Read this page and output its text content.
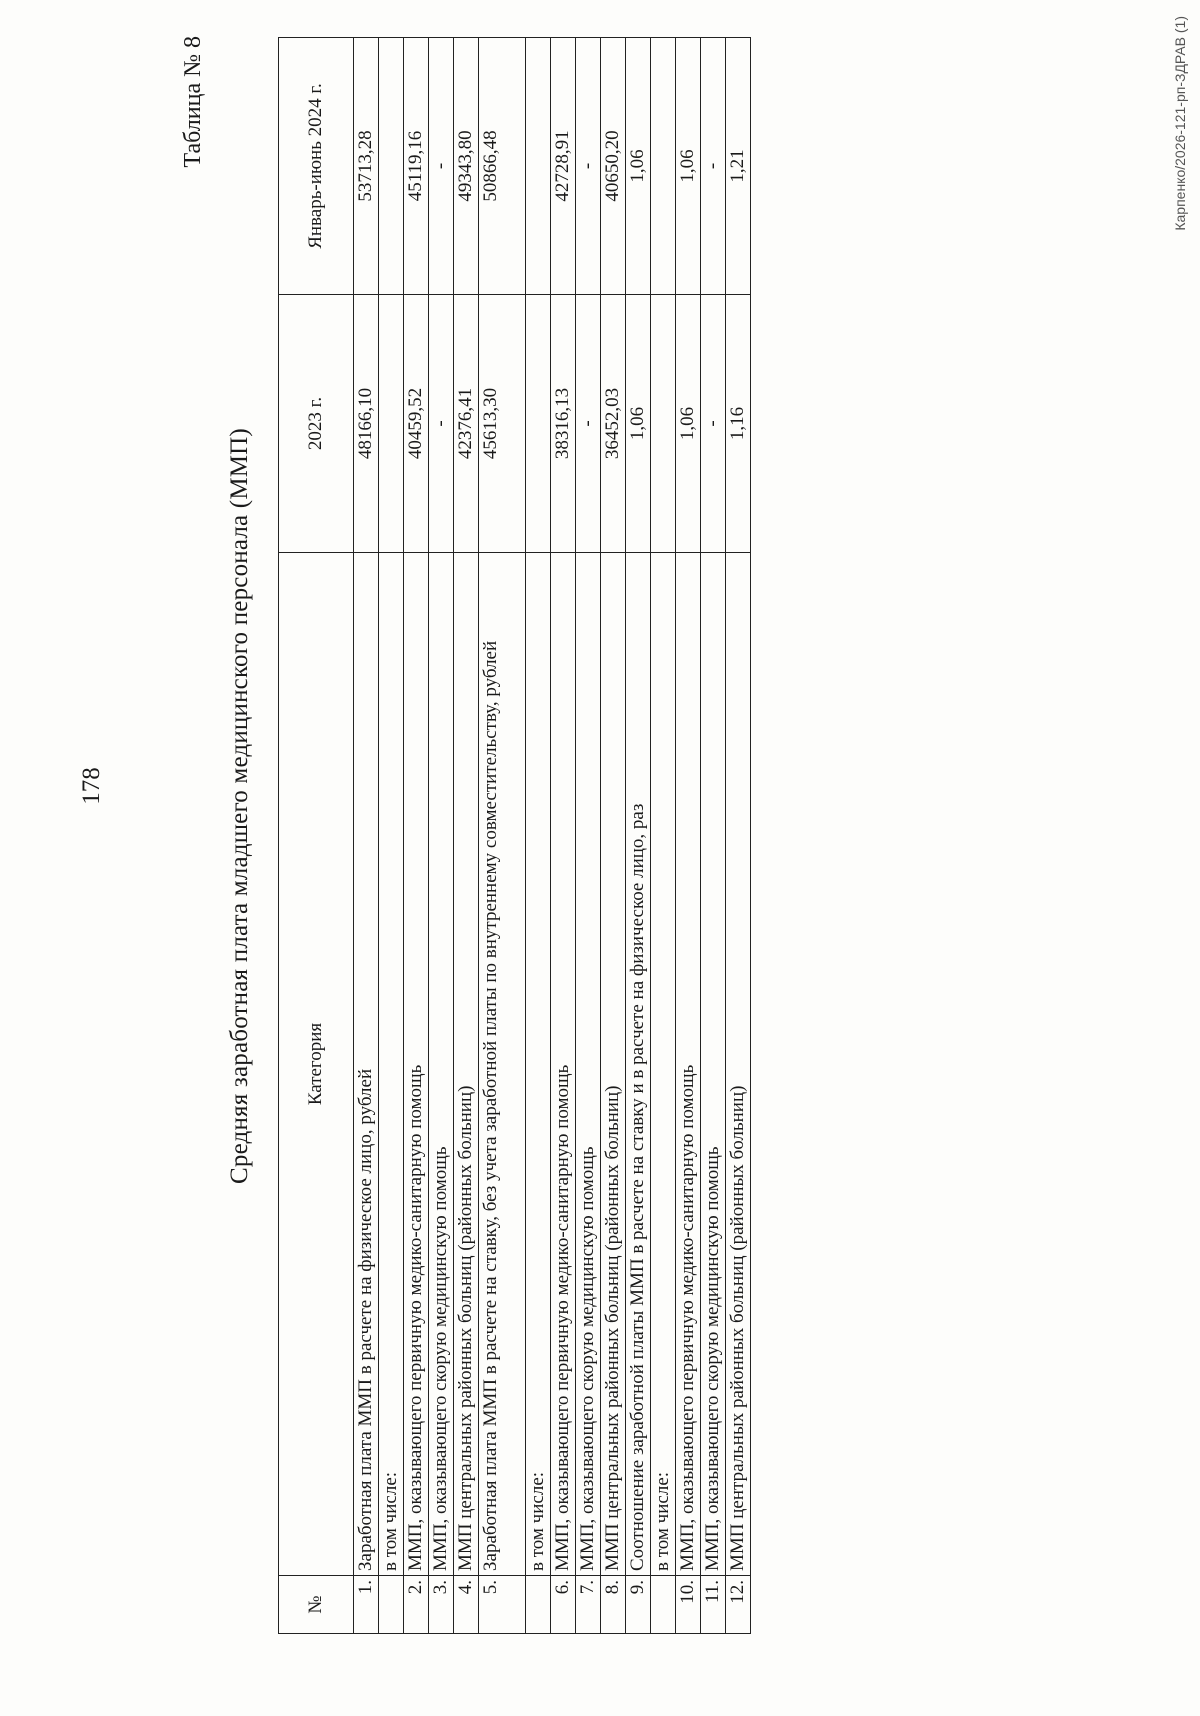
178
Таблица № 8
Средняя заработная плата младшего медицинского персонала (ММП)
№	Категория	2023 г.	Январь-июнь 2024 г.
1.	Заработная плата ММП в расчете на физическое лицо, рублей	48166,10	53713,28
	в том числе:		
2.	ММП, оказывающего первичную медико-санитарную помощь	40459,52	45119,16
3.	ММП, оказывающего скорую медицинскую помощь	-	-
4.	ММП центральных районных больниц (районных больниц)	42376,41	49343,80
5.	Заработная плата ММП в расчете на ставку, без учета заработной платы по внутреннему совместительству, рублей	45613,30	50866,48
	в том числе:		
6.	ММП, оказывающего первичную медико-санитарную помощь	38316,13	42728,91
7.	ММП, оказывающего скорую медицинскую помощь	-	-
8.	ММП центральных районных больниц (районных больниц)	36452,03	40650,20
9.	Соотношение заработной платы ММП в расчете на ставку и в расчете на физическое лицо, раз	1,06	1,06
	в том числе:		
10.	ММП, оказывающего первичную медико-санитарную помощь	1,06	1,06
11.	ММП, оказывающего скорую медицинскую помощь	-	-
12.	ММП центральных районных больниц (районных больниц)	1,16	1,21	Карпенко/2026-121-рп-ЗДРАВ (1)
